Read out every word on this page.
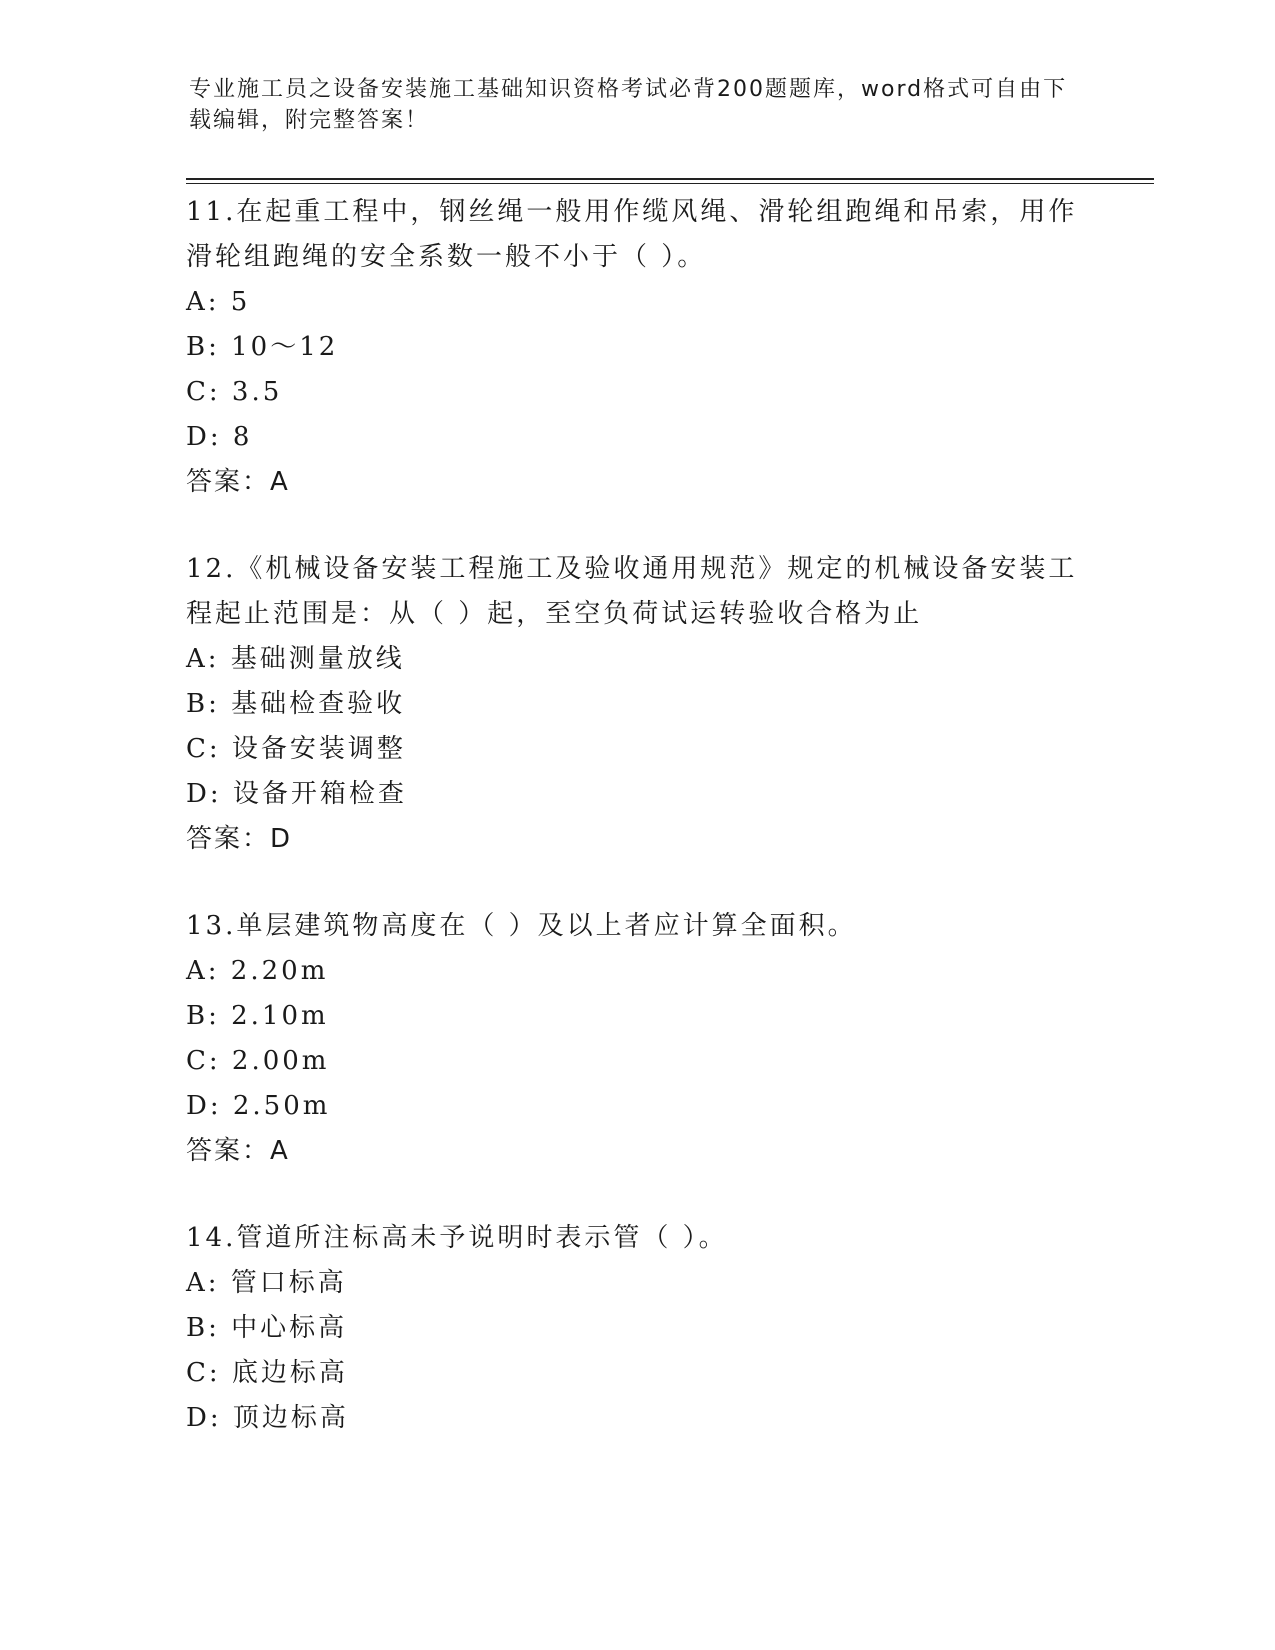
专业施工员之设备安装施工基础知识资格考试必背200题题库，word格式可自由下载编辑，附完整答案！
11.在起重工程中，钢丝绳一般用作缆风绳、滑轮组跑绳和吊索，用作滑轮组跑绳的安全系数一般不小于（ ）。
A: 5
B: 10～12
C: 3.5
D: 8
答案：A
12.《机械设备安装工程施工及验收通用规范》规定的机械设备安装工程起止范围是：从（ ）起，至空负荷试运转验收合格为止
A: 基础测量放线
B: 基础检查验收
C: 设备安装调整
D: 设备开箱检查
答案：D
13.单层建筑物高度在（ ）及以上者应计算全面积。
A: 2.20m
B: 2.10m
C: 2.00m
D: 2.50m
答案：A
14.管道所注标高未予说明时表示管（ ）。
A: 管口标高
B: 中心标高
C: 底边标高
D: 顶边标高
